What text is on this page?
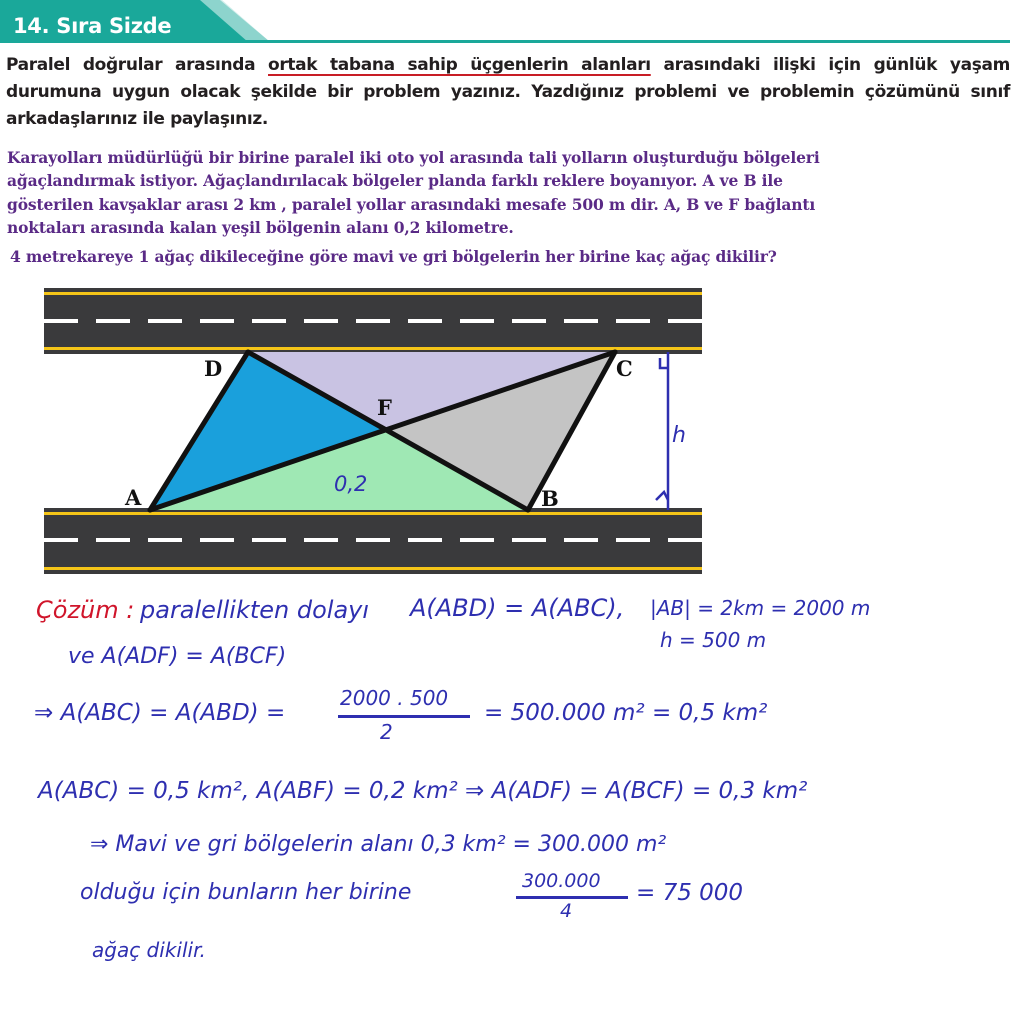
14. Sıra Sizde
Paralel doğrular arasında ortak tabana sahip üçgenlerin alanları arasındaki ilişki için günlük yaşam durumuna uygun olacak şekilde bir problem yazınız. Yazdığınız problemi ve problemin çözümünü sınıf arkadaşlarınız ile paylaşınız.
Karayolları müdürlüğü bir birine paralel iki oto yol arasında tali yolların oluşturduğu bölgeleri
ağaçlandırmak istiyor. Ağaçlandırılacak bölgeler planda farklı reklere boyanıyor. A ve B ile
gösterilen kavşaklar arası 2 km , paralel yollar arasındaki mesafe 500 m dir. A, B ve F bağlantı
noktaları arasında kalan yeşil bölgenin alanı 0,2 kilometre.
4 metrekareye 1 ağaç dikileceğine göre mavi ve gri bölgelerin her birine kaç ağaç dikilir?
D	C
F
A	B
0,2
h
Çözüm : paralellikten dolayı A(ABD) = A(ABC), |AB| = 2km = 2000 m
ve A(ADF) = A(BCF)
h = 500 m
⇒ A(ABC) = A(ABD) =
2000 . 500
2
= 500.000 m² = 0,5 km²
A(ABC) = 0,5 km², A(ABF) = 0,2 km² ⇒ A(ADF) = A(BCF) = 0,3 km²
⇒ Mavi ve gri bölgelerin alanı 0,3 km² = 300.000 m²
olduğu için bunların her birine	300.000
4
= 75 000
ağaç dikilir.
